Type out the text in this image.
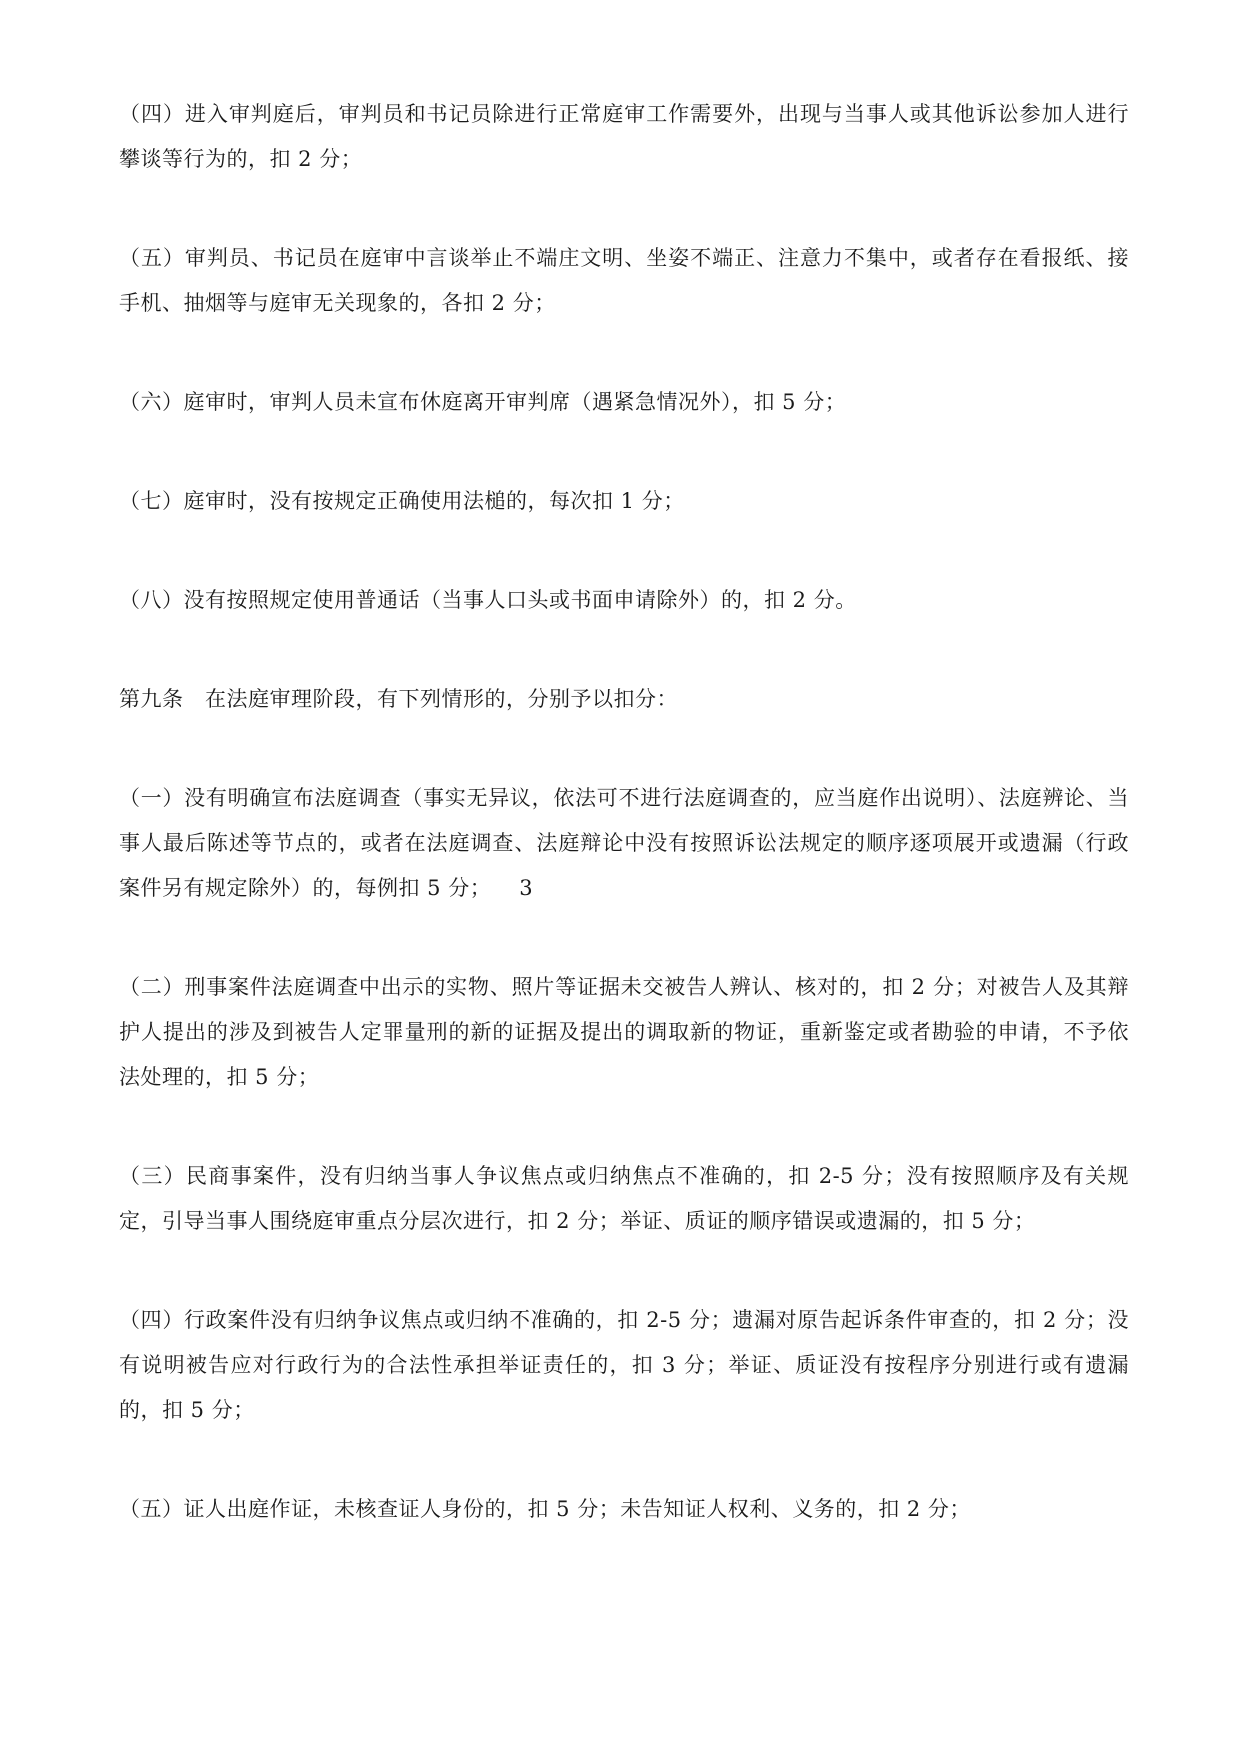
（四）进入审判庭后，审判员和书记员除进行正常庭审工作需要外，出现与当事人或其他诉讼参加人进行攀谈等行为的，扣 2 分；

（五）审判员、书记员在庭审中言谈举止不端庄文明、坐姿不端正、注意力不集中，或者存在看报纸、接手机、抽烟等与庭审无关现象的，各扣 2 分；

（六）庭审时，审判人员未宣布休庭离开审判席（遇紧急情况外），扣 5 分；

（七）庭审时，没有按规定正确使用法槌的，每次扣 1 分；

（八）没有按照规定使用普通话（当事人口头或书面申请除外）的，扣 2 分。

第九条　在法庭审理阶段，有下列情形的，分别予以扣分：

（一）没有明确宣布法庭调查（事实无异议，依法可不进行法庭调查的，应当庭作出说明）、法庭辨论、当事人最后陈述等节点的，或者在法庭调查、法庭辩论中没有按照诉讼法规定的顺序逐项展开或遗漏（行政案件另有规定除外）的，每例扣 5 分； 3

（二）刑事案件法庭调查中出示的实物、照片等证据未交被告人辨认、核对的，扣 2 分；对被告人及其辩护人提出的涉及到被告人定罪量刑的新的证据及提出的调取新的物证，重新鉴定或者勘验的申请，不予依法处理的，扣 5 分；

（三）民商事案件，没有归纳当事人争议焦点或归纳焦点不准确的，扣 2-5 分；没有按照顺序及有关规定，引导当事人围绕庭审重点分层次进行，扣 2 分；举证、质证的顺序错误或遗漏的，扣 5 分；

（四）行政案件没有归纳争议焦点或归纳不准确的，扣 2-5 分；遗漏对原告起诉条件审查的，扣 2 分；没有说明被告应对行政行为的合法性承担举证责任的，扣 3 分；举证、质证没有按程序分别进行或有遗漏的，扣 5 分；

（五）证人出庭作证，未核查证人身份的，扣 5 分；未告知证人权利、义务的，扣 2 分；
